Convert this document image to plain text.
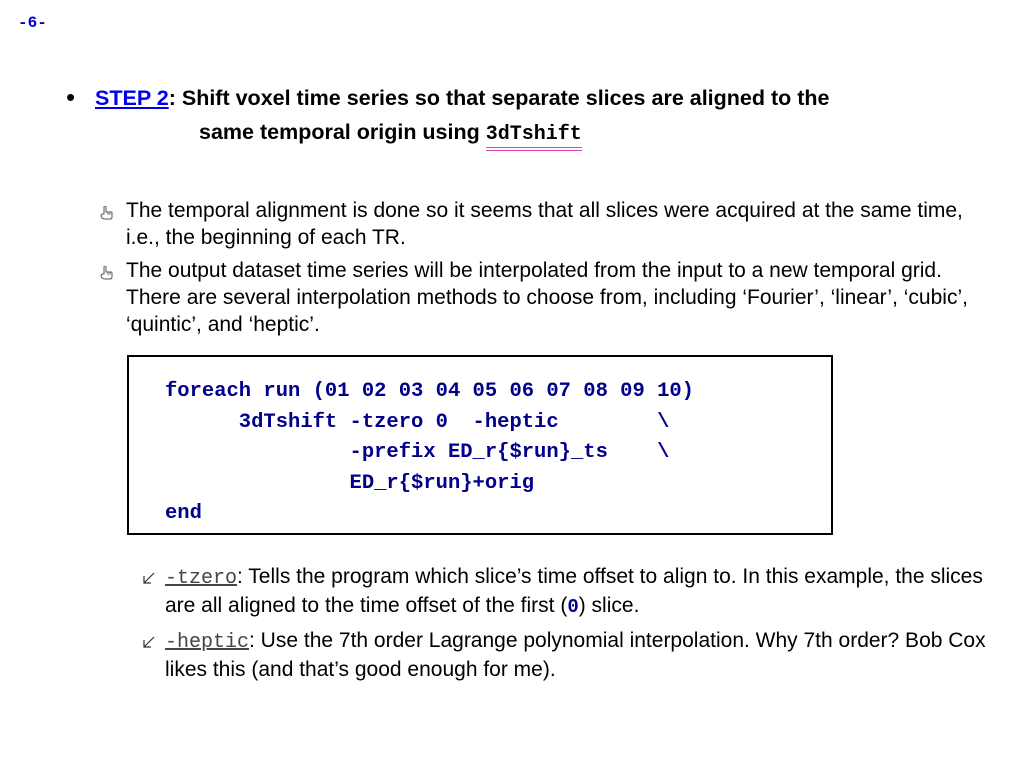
-6-
• STEP 2: Shift voxel time series so that separate slices are aligned to the
same temporal origin using 3dTshift
The temporal alignment is done so it seems that all slices were acquired at the same time, i.e., the beginning of each TR.
The output dataset time series will be interpolated from the input to a new temporal grid. There are several interpolation methods to choose from, including ‘Fourier’, ‘linear’, ‘cubic’, ‘quintic’, and ‘heptic’.
foreach run (01 02 03 04 05 06 07 08 09 10)
3dTshift -tzero 0  -heptic        \
-prefix ED_r{$run}_ts    \
ED_r{$run}+orig
end
-tzero: Tells the program which slice’s time offset to align to. In this example, the slices are all aligned to the time offset of the first (0) slice.
-heptic: Use the 7th order Lagrange polynomial interpolation. Why 7th order? Bob Cox likes this (and that’s good enough for me).
